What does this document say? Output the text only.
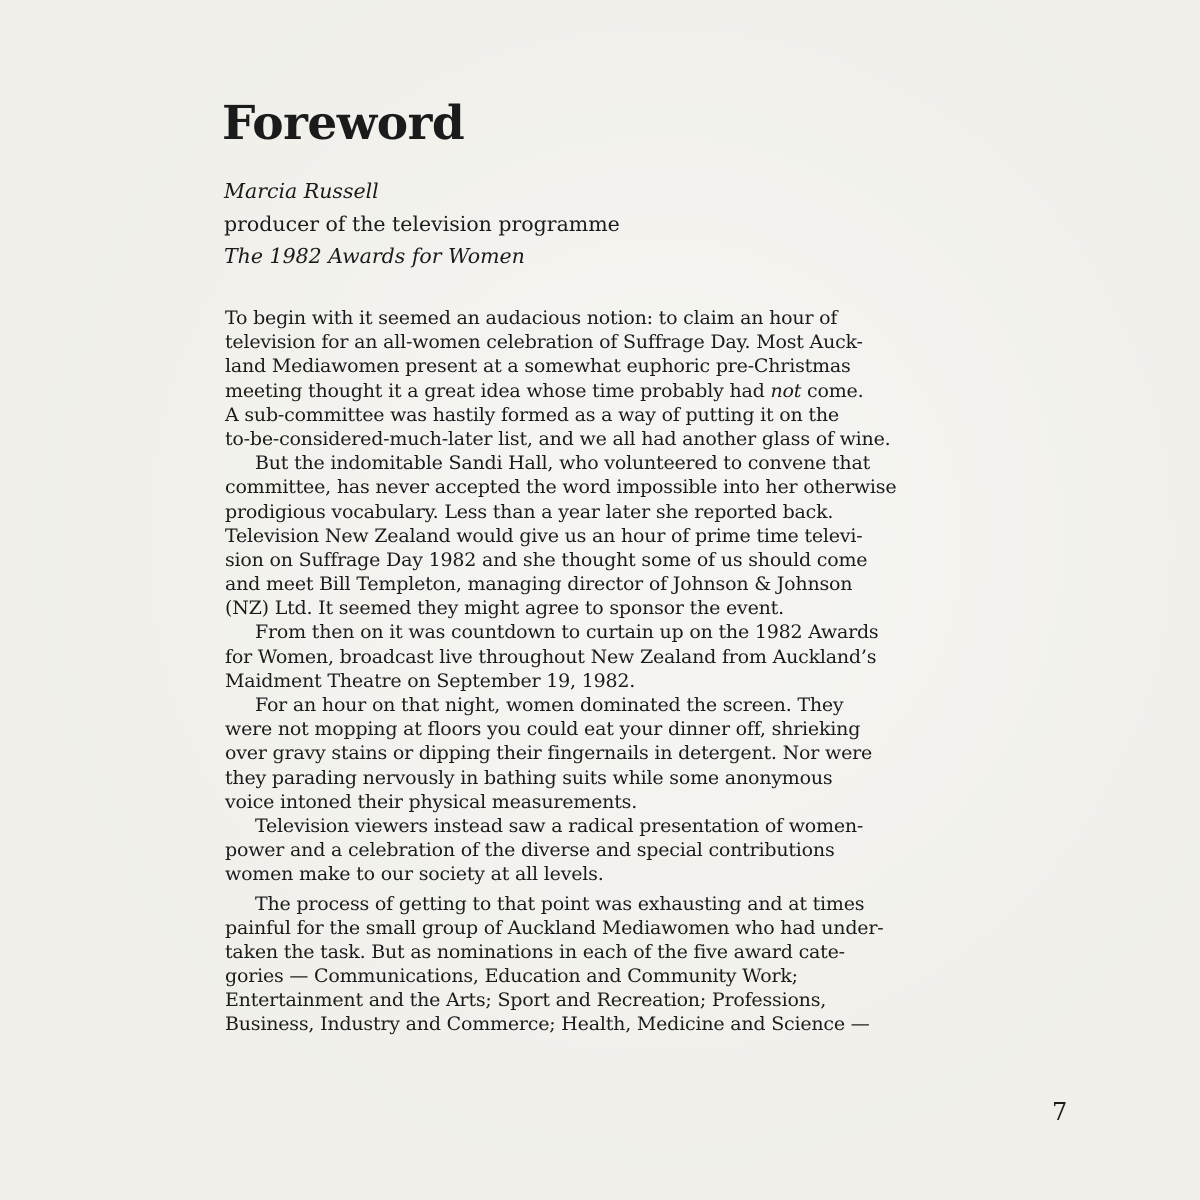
Foreword
Marcia Russell
producer of the television programme
The 1982 Awards for Women
To begin with it seemed an audacious notion: to claim an hour of
television for an all-women celebration of Suffrage Day. Most Auck-
land Mediawomen present at a somewhat euphoric pre-Christmas
meeting thought it a great idea whose time probably had not come.
A sub-committee was hastily formed as a way of putting it on the
to-be-considered-much-later list, and we all had another glass of wine.
But the indomitable Sandi Hall, who volunteered to convene that
committee, has never accepted the word impossible into her otherwise
prodigious vocabulary. Less than a year later she reported back.
Television New Zealand would give us an hour of prime time televi-
sion on Suffrage Day 1982 and she thought some of us should come
and meet Bill Templeton, managing director of Johnson & Johnson
(NZ) Ltd. It seemed they might agree to sponsor the event.
From then on it was countdown to curtain up on the 1982 Awards
for Women, broadcast live throughout New Zealand from Auckland’s
Maidment Theatre on September 19, 1982.
For an hour on that night, women dominated the screen. They
were not mopping at floors you could eat your dinner off, shrieking
over gravy stains or dipping their fingernails in detergent. Nor were
they parading nervously in bathing suits while some anonymous
voice intoned their physical measurements.
Television viewers instead saw a radical presentation of women-
power and a celebration of the diverse and special contributions
women make to our society at all levels.
The process of getting to that point was exhausting and at times
painful for the small group of Auckland Mediawomen who had under-
taken the task. But as nominations in each of the five award cate-
gories — Communications, Education and Community Work;
Entertainment and the Arts; Sport and Recreation; Professions,
Business, Industry and Commerce; Health, Medicine and Science —
7
